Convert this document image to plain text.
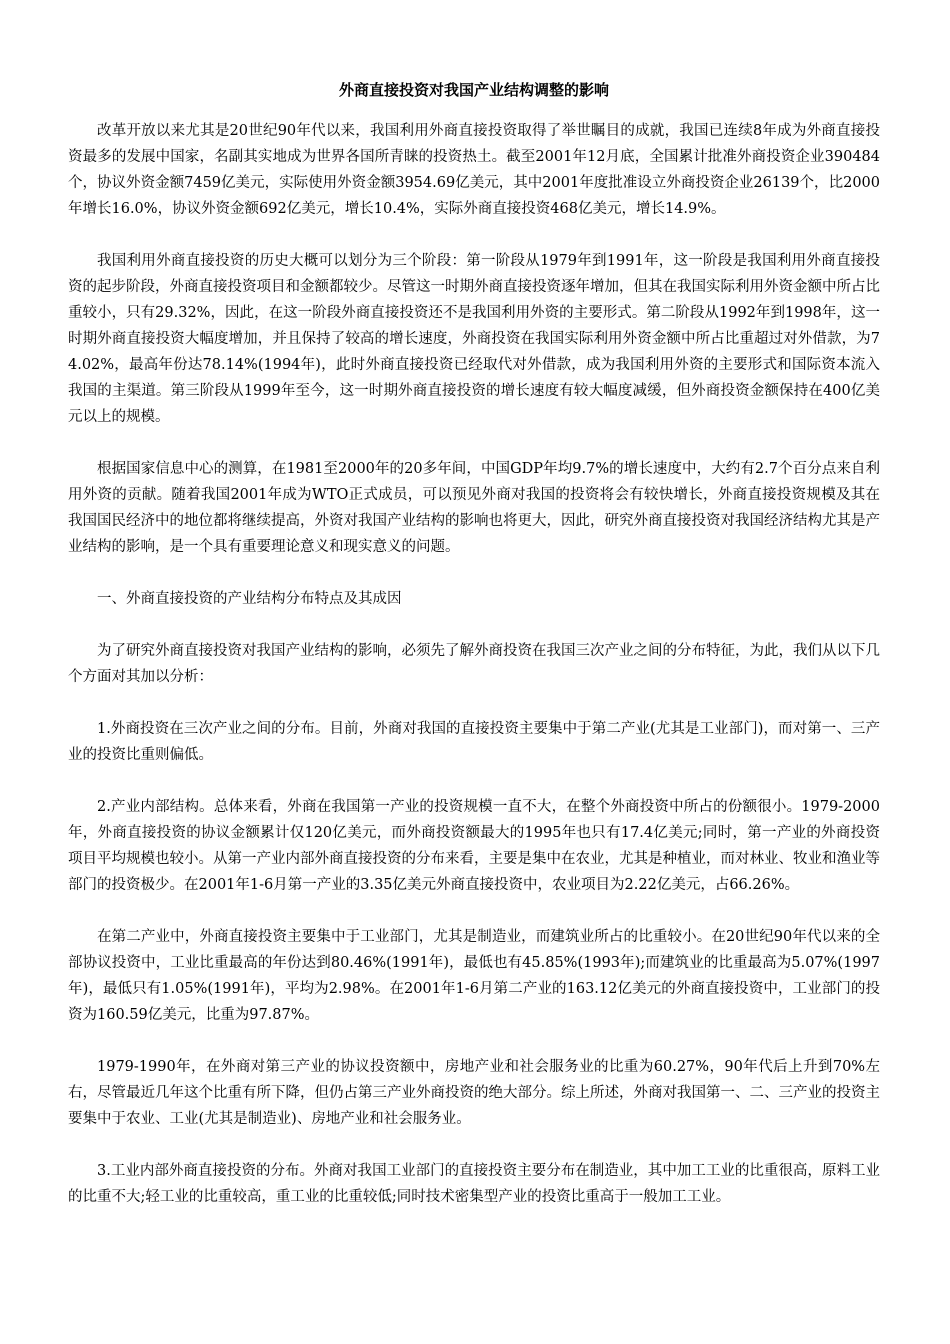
外商直接投资对我国产业结构调整的影响

改革开放以来尤其是20世纪90年代以来，我国利用外商直接投资取得了举世瞩目的成就，我国已连续8年成为外商直接投资最多的发展中国家，名副其实地成为世界各国所青睐的投资热土。截至2001年12月底，全国累计批准外商投资企业390484个，协议外资金额7459亿美元，实际使用外资金额3954.69亿美元，其中2001年度批准设立外商投资企业26139个，比2000年增长16.0%，协议外资金额692亿美元，增长10.4%，实际外商直接投资468亿美元，增长14.9%。

我国利用外商直接投资的历史大概可以划分为三个阶段：第一阶段从1979年到1991年，这一阶段是我国利用外商直接投资的起步阶段，外商直接投资项目和金额都较少。尽管这一时期外商直接投资逐年增加，但其在我国实际利用外资金额中所占比重较小，只有29.32%，因此，在这一阶段外商直接投资还不是我国利用外资的主要形式。第二阶段从1992年到1998年，这一时期外商直接投资大幅度增加，并且保持了较高的增长速度，外商投资在我国实际利用外资金额中所占比重超过对外借款，为74.02%，最高年份达78.14%(1994年)，此时外商直接投资已经取代对外借款，成为我国利用外资的主要形式和国际资本流入我国的主渠道。第三阶段从1999年至今，这一时期外商直接投资的增长速度有较大幅度减缓，但外商投资金额保持在400亿美元以上的规模。

根据国家信息中心的测算，在1981至2000年的20多年间，中国GDP年均9.7%的增长速度中，大约有2.7个百分点来自利用外资的贡献。随着我国2001年成为WTO正式成员，可以预见外商对我国的投资将会有较快增长，外商直接投资规模及其在我国国民经济中的地位都将继续提高，外资对我国产业结构的影响也将更大，因此，研究外商直接投资对我国经济结构尤其是产业结构的影响，是一个具有重要理论意义和现实意义的问题。

一、外商直接投资的产业结构分布特点及其成因

为了研究外商直接投资对我国产业结构的影响，必须先了解外商投资在我国三次产业之间的分布特征，为此，我们从以下几个方面对其加以分析：

1.外商投资在三次产业之间的分布。目前，外商对我国的直接投资主要集中于第二产业(尤其是工业部门)，而对第一、三产业的投资比重则偏低。

2.产业内部结构。总体来看，外商在我国第一产业的投资规模一直不大，在整个外商投资中所占的份额很小。1979-2000年，外商直接投资的协议金额累计仅120亿美元，而外商投资额最大的1995年也只有17.4亿美元;同时，第一产业的外商投资项目平均规模也较小。从第一产业内部外商直接投资的分布来看，主要是集中在农业，尤其是种植业，而对林业、牧业和渔业等部门的投资极少。在2001年1-6月第一产业的3.35亿美元外商直接投资中，农业项目为2.22亿美元，占66.26%。

在第二产业中，外商直接投资主要集中于工业部门，尤其是制造业，而建筑业所占的比重较小。在20世纪90年代以来的全部协议投资中，工业比重最高的年份达到80.46%(1991年)，最低也有45.85%(1993年);而建筑业的比重最高为5.07%(1997年)，最低只有1.05%(1991年)，平均为2.98%。在2001年1-6月第二产业的163.12亿美元的外商直接投资中，工业部门的投资为160.59亿美元，比重为97.87%。

1979-1990年，在外商对第三产业的协议投资额中，房地产业和社会服务业的比重为60.27%，90年代后上升到70%左右，尽管最近几年这个比重有所下降，但仍占第三产业外商投资的绝大部分。综上所述，外商对我国第一、二、三产业的投资主要集中于农业、工业(尤其是制造业)、房地产业和社会服务业。

3.工业内部外商直接投资的分布。外商对我国工业部门的直接投资主要分布在制造业，其中加工工业的比重很高，原料工业的比重不大;轻工业的比重较高，重工业的比重较低;同时技术密集型产业的投资比重高于一般加工工业。
